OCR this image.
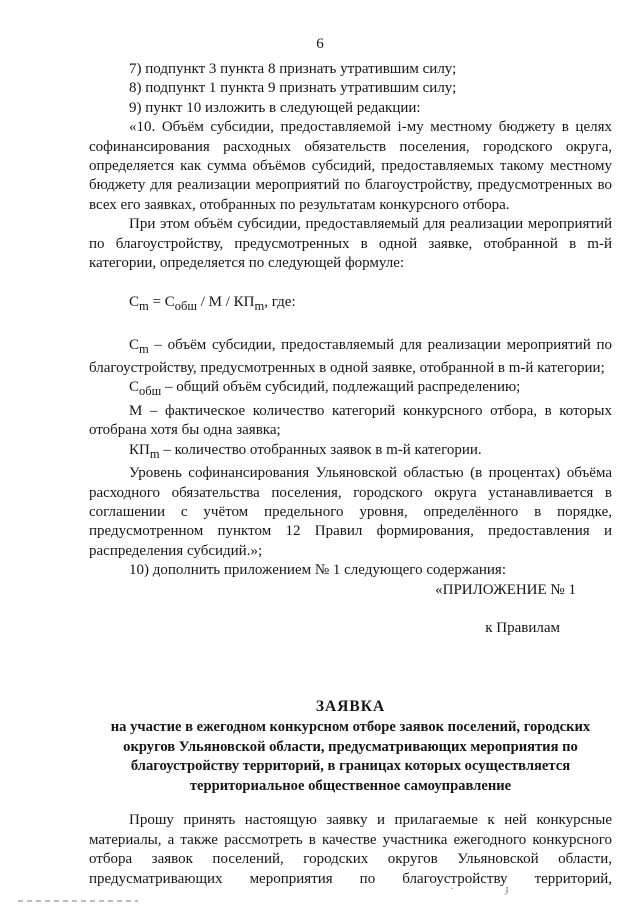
6

7) подпункт 3 пункта 8 признать утратившим силу;

8) подпункт 1 пункта 9 признать утратившим силу;

9) пункт 10 изложить в следующей редакции:

«10. Объём субсидии, предоставляемой i-му местному бюджету в целях софинансирования расходных обязательств поселения, городского округа, определяется как сумма объёмов субсидий, предоставляемых такому местному бюджету для реализации мероприятий по благоустройству, предусмотренных во всех его заявках, отобранных по результатам конкурсного отбора.

При этом объём субсидии, предоставляемый для реализации мероприятий по благоустройству, предусмотренных в одной заявке, отобранной в m-й категории, определяется по следующей формуле:

$С_m = С_{обш} / М / КП_m$, где:

$С_m$ – объём субсидии, предоставляемый для реализации мероприятий по благоустройству, предусмотренных в одной заявке, отобранной в m-й категории;

$С_{обш}$ – общий объём субсидий, подлежащий распределению;

М – фактическое количество категорий конкурсного отбора, в которых отобрана хотя бы одна заявка;

$КП_m$ – количество отобранных заявок в m-й категории.

Уровень софинансирования Ульяновской областью (в процентах) объёма расходного обязательства поселения, городского округа устанавливается в соглашении с учётом предельного уровня, определённого в порядке, предусмотренном пунктом 12 Правил формирования, предоставления и распределения субсидий.»;

10) дополнить приложением № 1 следующего содержания:

«ПРИЛОЖЕНИЕ № 1

к Правилам

ЗАЯВКА
на участие в ежегодном конкурсном отборе заявок поселений, городских округов Ульяновской области, предусматривающих мероприятия по благоустройству территорий, в границах которых осуществляется территориальное общественное самоуправление

Прошу принять настоящую заявку и прилагаемые к ней конкурсные материалы, а также рассмотреть в качестве участника ежегодного конкурсного отбора заявок поселений, городских округов Ульяновской области, предусматривающих мероприятия по благоустройству территорий,

· ˙ ˊ ɟ
